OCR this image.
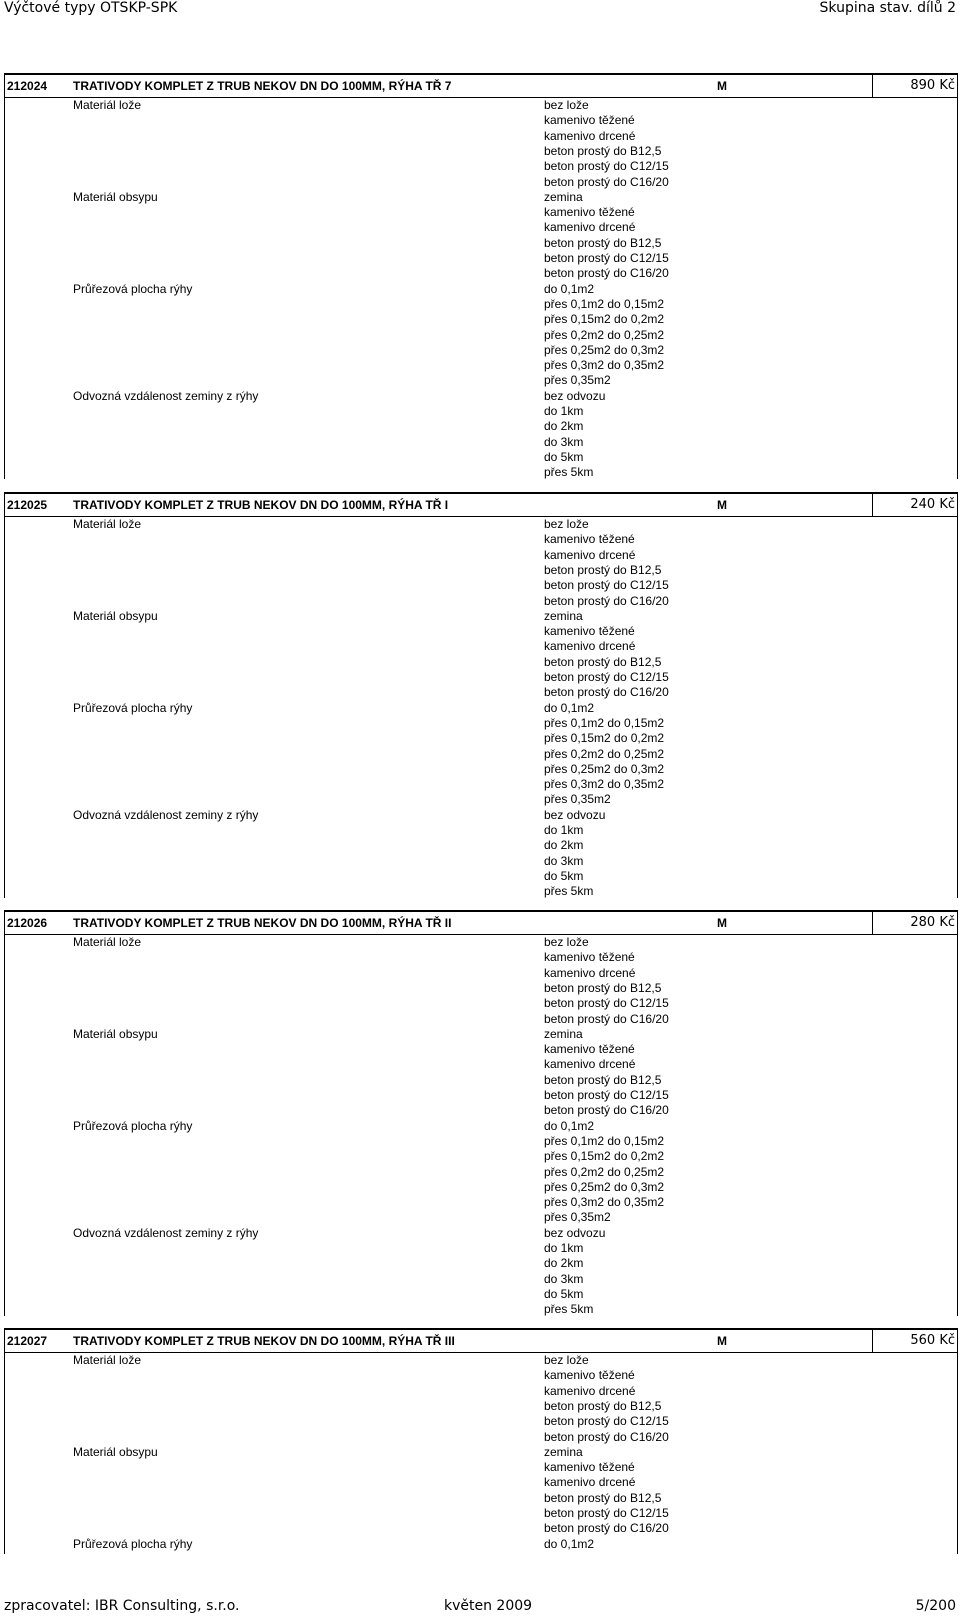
Výčtové typy OTSKP-SPK	Skupina stav. dílů 2
212024 TRATIVODY KOMPLET Z TRUB NEKOV DN DO 100MM, RÝHA TŘ 7	M	890 Kč
Materiál lože	bez lože
kamenivo těžené
kamenivo drcené
beton prostý do B12,5
beton prostý do C12/15
beton prostý do C16/20
Materiál obsypu	zemina
kamenivo těžené
kamenivo drcené
beton prostý do B12,5
beton prostý do C12/15
beton prostý do C16/20
Průřezová plocha rýhy	do 0,1m2
přes 0,1m2 do 0,15m2
přes 0,15m2 do 0,2m2
přes 0,2m2 do 0,25m2
přes 0,25m2 do 0,3m2
přes 0,3m2 do 0,35m2
přes 0,35m2
Odvozná vzdálenost zeminy z rýhy	bez odvozu
do 1km
do 2km
do 3km
do 5km
přes 5km
212025 TRATIVODY KOMPLET Z TRUB NEKOV DN DO 100MM, RÝHA TŘ I	M	240 Kč
Materiál lože	bez lože
kamenivo těžené
kamenivo drcené
beton prostý do B12,5
beton prostý do C12/15
beton prostý do C16/20
Materiál obsypu	zemina
kamenivo těžené
kamenivo drcené
beton prostý do B12,5
beton prostý do C12/15
beton prostý do C16/20
Průřezová plocha rýhy	do 0,1m2
přes 0,1m2 do 0,15m2
přes 0,15m2 do 0,2m2
přes 0,2m2 do 0,25m2
přes 0,25m2 do 0,3m2
přes 0,3m2 do 0,35m2
přes 0,35m2
Odvozná vzdálenost zeminy z rýhy	bez odvozu
do 1km
do 2km
do 3km
do 5km
přes 5km
212026 TRATIVODY KOMPLET Z TRUB NEKOV DN DO 100MM, RÝHA TŘ II	M	280 Kč
Materiál lože	bez lože
kamenivo těžené
kamenivo drcené
beton prostý do B12,5
beton prostý do C12/15
beton prostý do C16/20
Materiál obsypu	zemina
kamenivo těžené
kamenivo drcené
beton prostý do B12,5
beton prostý do C12/15
beton prostý do C16/20
Průřezová plocha rýhy	do 0,1m2
přes 0,1m2 do 0,15m2
přes 0,15m2 do 0,2m2
přes 0,2m2 do 0,25m2
přes 0,25m2 do 0,3m2
přes 0,3m2 do 0,35m2
přes 0,35m2
Odvozná vzdálenost zeminy z rýhy	bez odvozu
do 1km
do 2km
do 3km
do 5km
přes 5km
212027 TRATIVODY KOMPLET Z TRUB NEKOV DN DO 100MM, RÝHA TŘ III	M	560 Kč
Materiál lože	bez lože
kamenivo těžené
kamenivo drcené
beton prostý do B12,5
beton prostý do C12/15
beton prostý do C16/20
Materiál obsypu	zemina
kamenivo těžené
kamenivo drcené
beton prostý do B12,5
beton prostý do C12/15
beton prostý do C16/20
Průřezová plocha rýhy	do 0,1m2
zpracovatel: IBR Consulting, s.r.o.	květen 2009	5/200
